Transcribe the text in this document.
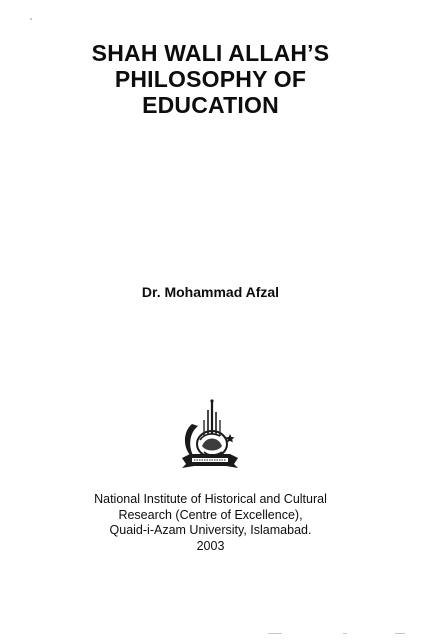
SHAH WALI ALLAH’S
PHILOSOPHY OF
EDUCATION
Dr. Mohammad Afzal
National Institute of Historical and Cultural
Research (Centre of Excellence),
Quaid-i-Azam University, Islamabad.
2003
